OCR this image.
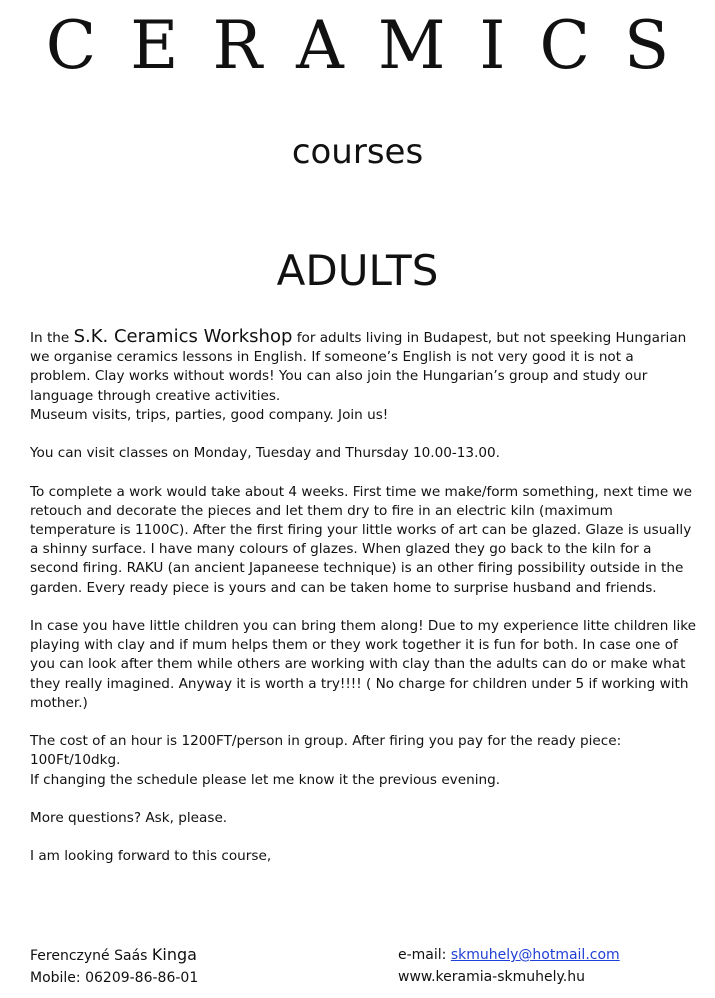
CERAMICS
courses
ADULTS

In the S.K. Ceramics Workshop for adults living in Budapest, but not speeking Hungarian we organise ceramics lessons in English. If someone’s English is not very good it is not a problem. Clay works without words! You can also join the Hungarian’s group and study our language through creative activities.

Museum visits, trips, parties, good company. Join us!

You can visit classes on Monday, Tuesday and Thursday 10.00-13.00.

To complete a work would take about 4 weeks. First time we make/form something, next time we retouch and decorate the pieces and let them dry to fire in an electric kiln (maximum temperature is 1100C). After the first firing your little works of art can be glazed. Glaze is usually a shinny surface. I have many colours of glazes. When glazed they go back to the kiln for a second firing. RAKU (an ancient Japaneese technique) is an other firing possibility outside in the garden. Every ready piece is yours and can be taken home to surprise husband and friends.

In case you have little children you can bring them along! Due to my experience litte children like playing with clay and if mum helps them or they work together it is fun for both. In case one of you can look after them while others are working with clay than the adults can do or make what they really imagined. Anyway it is worth a try!!!! ( No charge for children under 5 if working with mother.)

The cost of an hour is 1200FT/person in group. After firing you pay for the ready piece: 100Ft/10dkg.

If changing the schedule please let me know it the previous evening.

More questions? Ask, please.

I am looking forward to this course,

Ferenczyné Saás Kinga
Mobile: 06209-86-86-01
e-mail: skmuhely@hotmail.com
www.keramia-skmuhely.hu
